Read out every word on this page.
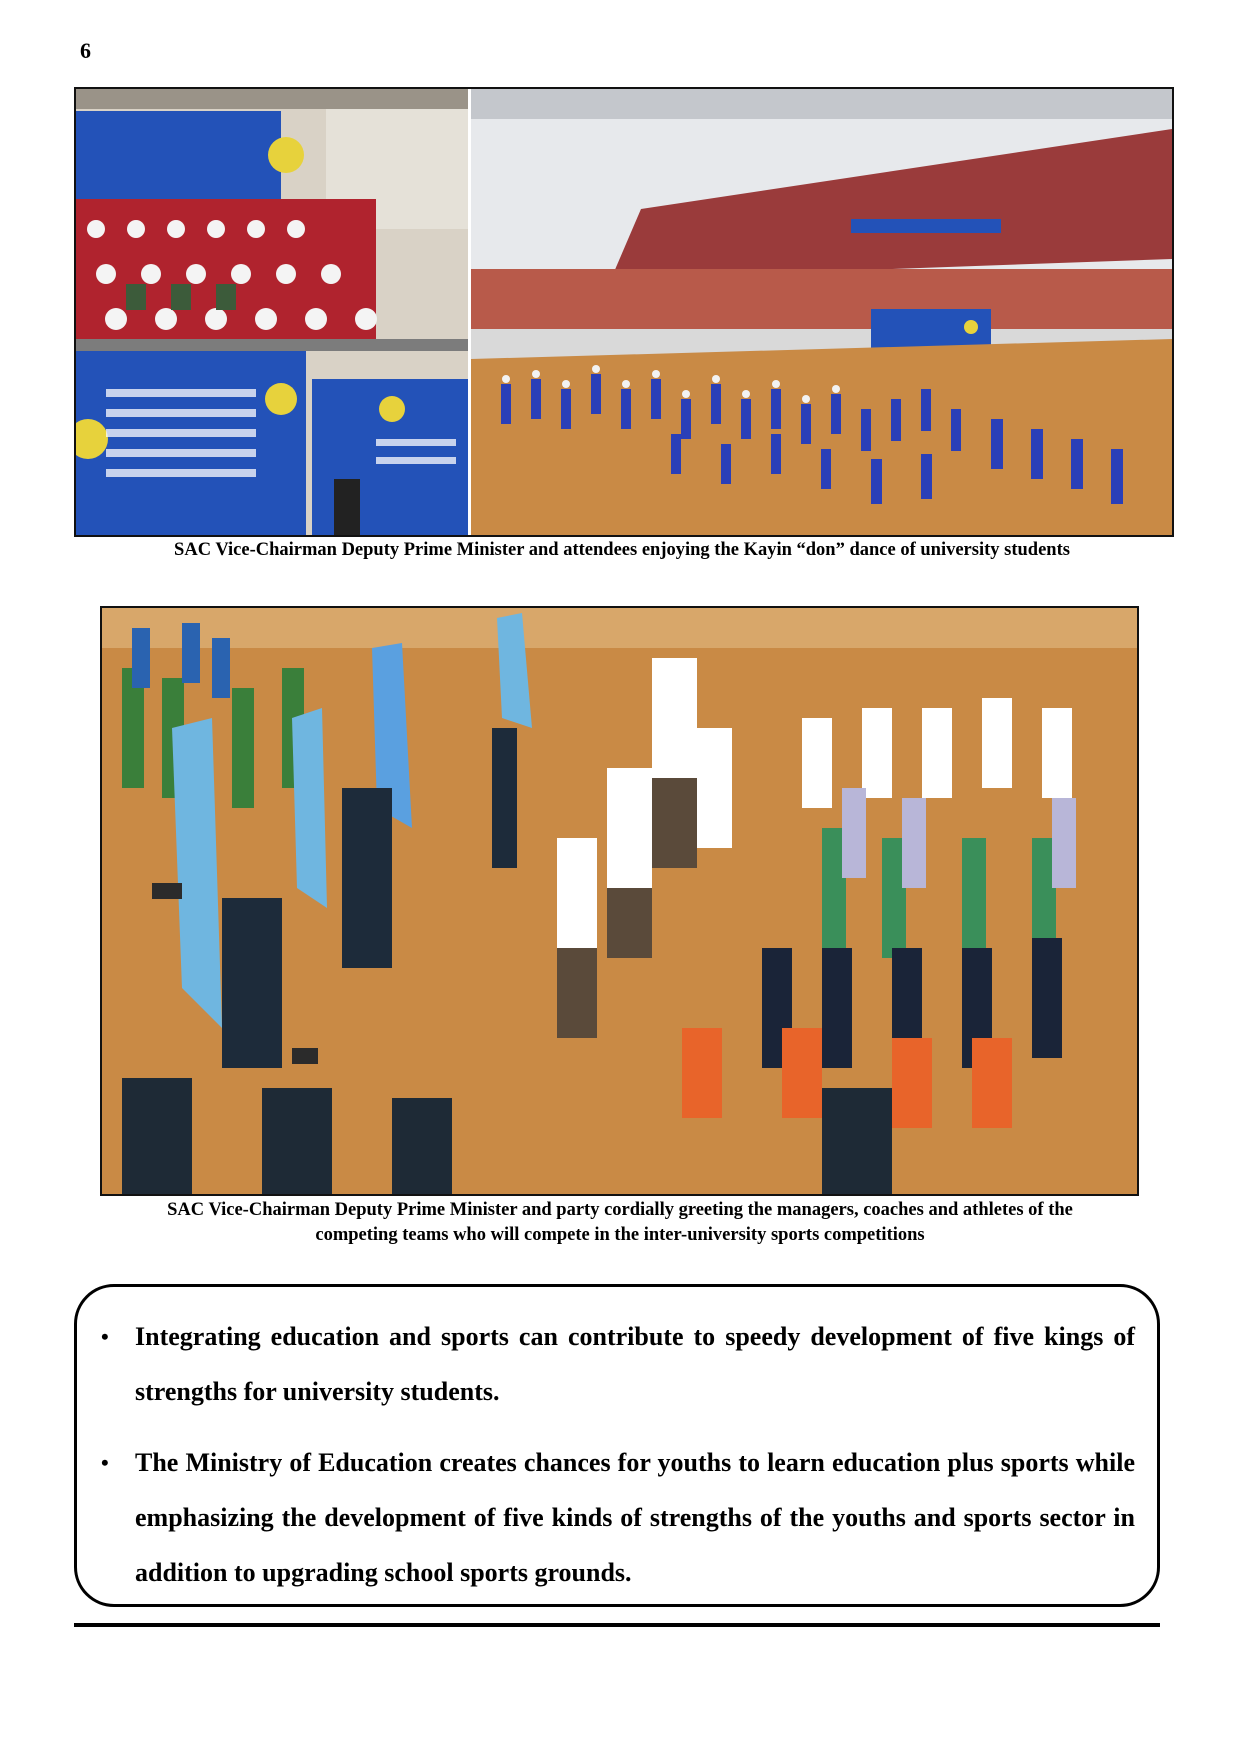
6
SAC Vice-Chairman Deputy Prime Minister and attendees enjoying the Kayin “don” dance of university students
SAC Vice-Chairman Deputy Prime Minister and party cordially greeting the managers, coaches and athletes of the
competing teams who will compete in the inter-university sports competitions
• Integrating education and sports can contribute to speedy development of five kings of strengths for university students.
• The Ministry of Education creates chances for youths to learn education plus sports while emphasizing the development of five kinds of strengths of the youths and sports sector in addition to upgrading school sports grounds.
